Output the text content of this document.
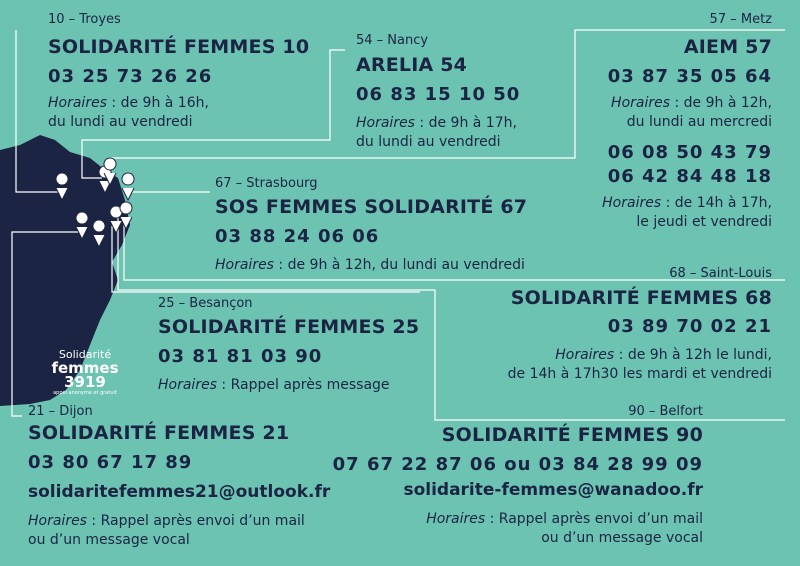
Solidarité
femmes
3919
appel anonyme et gratuit
10 – Troyes
SOLIDARITÉ FEMMES 10
03 25 73 26 26
Horaires : de 9h à 16h,
du lundi au vendredi
54 – Nancy
ARELIA 54
06 83 15 10 50
Horaires : de 9h à 17h,
du lundi au vendredi
57 – Metz
AIEM 57
03 87 35 05 64
Horaires : de 9h à 12h,
du lundi au mercredi
06 08 50 43 79
06 42 84 48 18
Horaires : de 14h à 17h,
le jeudi et vendredi
67 – Strasbourg
SOS FEMMES SOLIDARITÉ 67
03 88 24 06 06
Horaires : de 9h à 12h, du lundi au vendredi
68 – Saint-Louis
SOLIDARITÉ FEMMES 68
03 89 70 02 21
Horaires : de 9h à 12h le lundi,
de 14h à 17h30 les mardi et vendredi
25 – Besançon
SOLIDARITÉ FEMMES 25
03 81 81 03 90
Horaires : Rappel après message
21 – Dijon
SOLIDARITÉ FEMMES 21
03 80 67 17 89
solidaritefemmes21@outlook.fr
Horaires : Rappel après envoi d’un mail
ou d’un message vocal
90 – Belfort
SOLIDARITÉ FEMMES 90
07 67 22 87 06 ou 03 84 28 99 09
solidarite-femmes@wanadoo.fr
Horaires : Rappel après envoi d’un mail
ou d’un message vocal
